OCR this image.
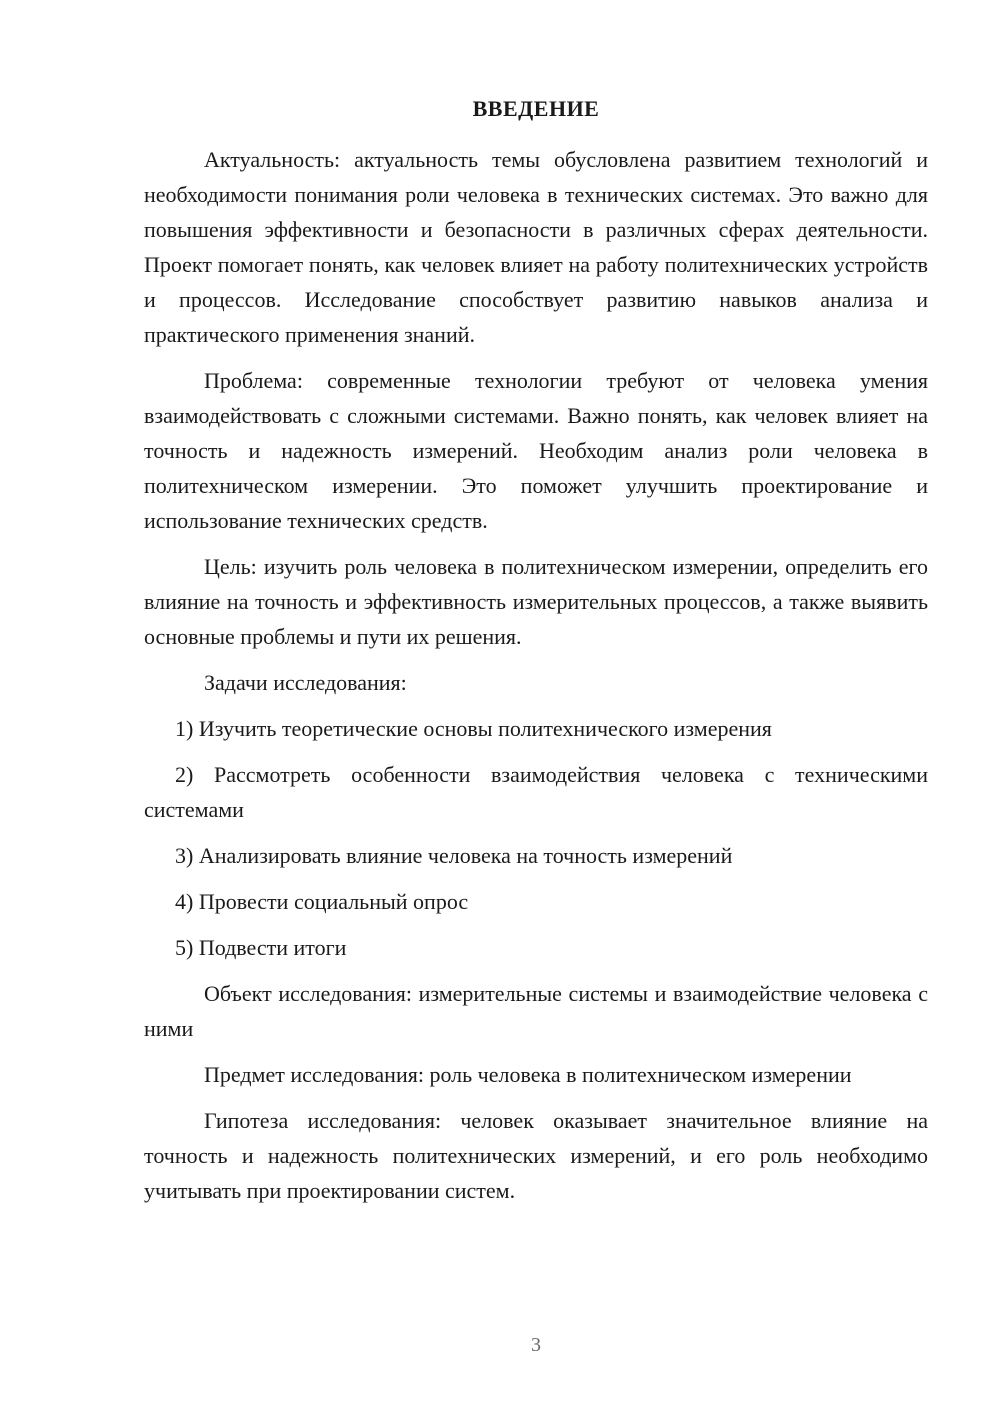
ВВЕДЕНИЕ

Актуальность: актуальность темы обусловлена развитием технологий и необходимости понимания роли человека в технических системах. Это важно для повышения эффективности и безопасности в различных сферах деятельности. Проект помогает понять, как человек влияет на работу политехнических устройств и процессов. Исследование способствует развитию навыков анализа и практического применения знаний.

Проблема: современные технологии требуют от человека умения взаимодействовать с сложными системами. Важно понять, как человек влияет на точность и надежность измерений. Необходим анализ роли человека в политехническом измерении. Это поможет улучшить проектирование и использование технических средств.

Цель: изучить роль человека в политехническом измерении, определить его влияние на точность и эффективность измерительных процессов, а также выявить основные проблемы и пути их решения.

Задачи исследования:

1) Изучить теоретические основы политехнического измерения

2) Рассмотреть особенности взаимодействия человека с техническими системами

3) Анализировать влияние человека на точность измерений

4) Провести социальный опрос

5) Подвести итоги

Объект исследования: измерительные системы и взаимодействие человека с ними

Предмет исследования: роль человека в политехническом измерении

Гипотеза исследования: человек оказывает значительное влияние на точность и надежность политехнических измерений, и его роль необходимо учитывать при проектировании систем.

3
